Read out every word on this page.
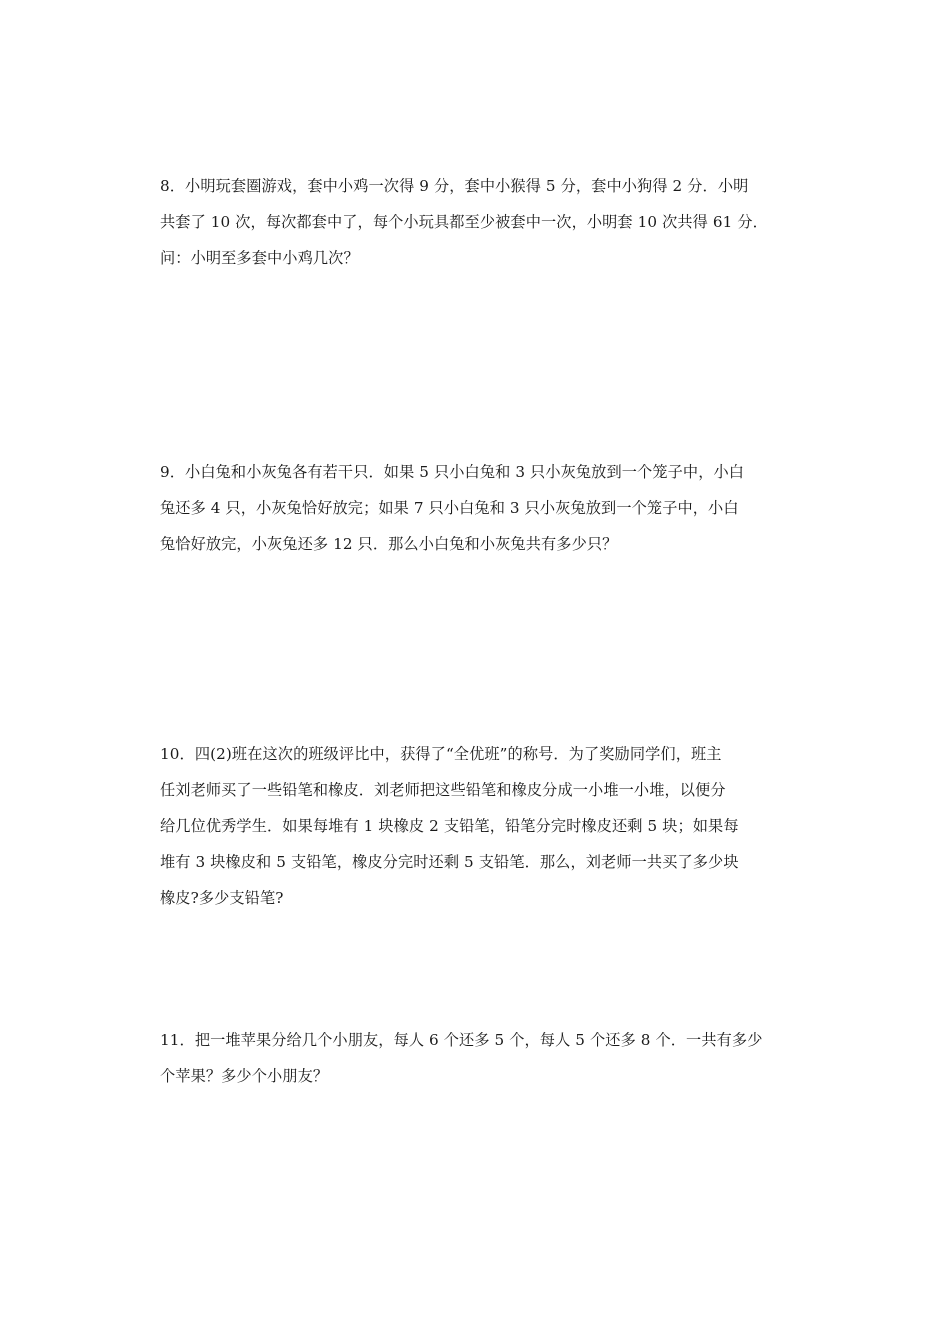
8．小明玩套圈游戏，套中小鸡一次得 9 分，套中小猴得 5 分，套中小狗得 2 分．小明
共套了 10 次，每次都套中了，每个小玩具都至少被套中一次，小明套 10 次共得 61 分．
问：小明至多套中小鸡几次？
9．小白兔和小灰兔各有若干只．如果 5 只小白兔和 3 只小灰兔放到一个笼子中，小白
兔还多 4 只，小灰兔恰好放完；如果 7 只小白兔和 3 只小灰兔放到一个笼子中，小白
兔恰好放完，小灰兔还多 12 只．那么小白兔和小灰兔共有多少只？
10．四(2)班在这次的班级评比中，获得了“全优班”的称号．为了奖励同学们，班主
任刘老师买了一些铅笔和橡皮．刘老师把这些铅笔和橡皮分成一小堆一小堆，以便分
给几位优秀学生．如果每堆有 1 块橡皮 2 支铅笔，铅笔分完时橡皮还剩 5 块；如果每
堆有 3 块橡皮和 5 支铅笔，橡皮分完时还剩 5 支铅笔．那么，刘老师一共买了多少块
橡皮?多少支铅笔?
11．把一堆苹果分给几个小朋友，每人 6 个还多 5 个，每人 5 个还多 8 个．一共有多少
个苹果？多少个小朋友？
